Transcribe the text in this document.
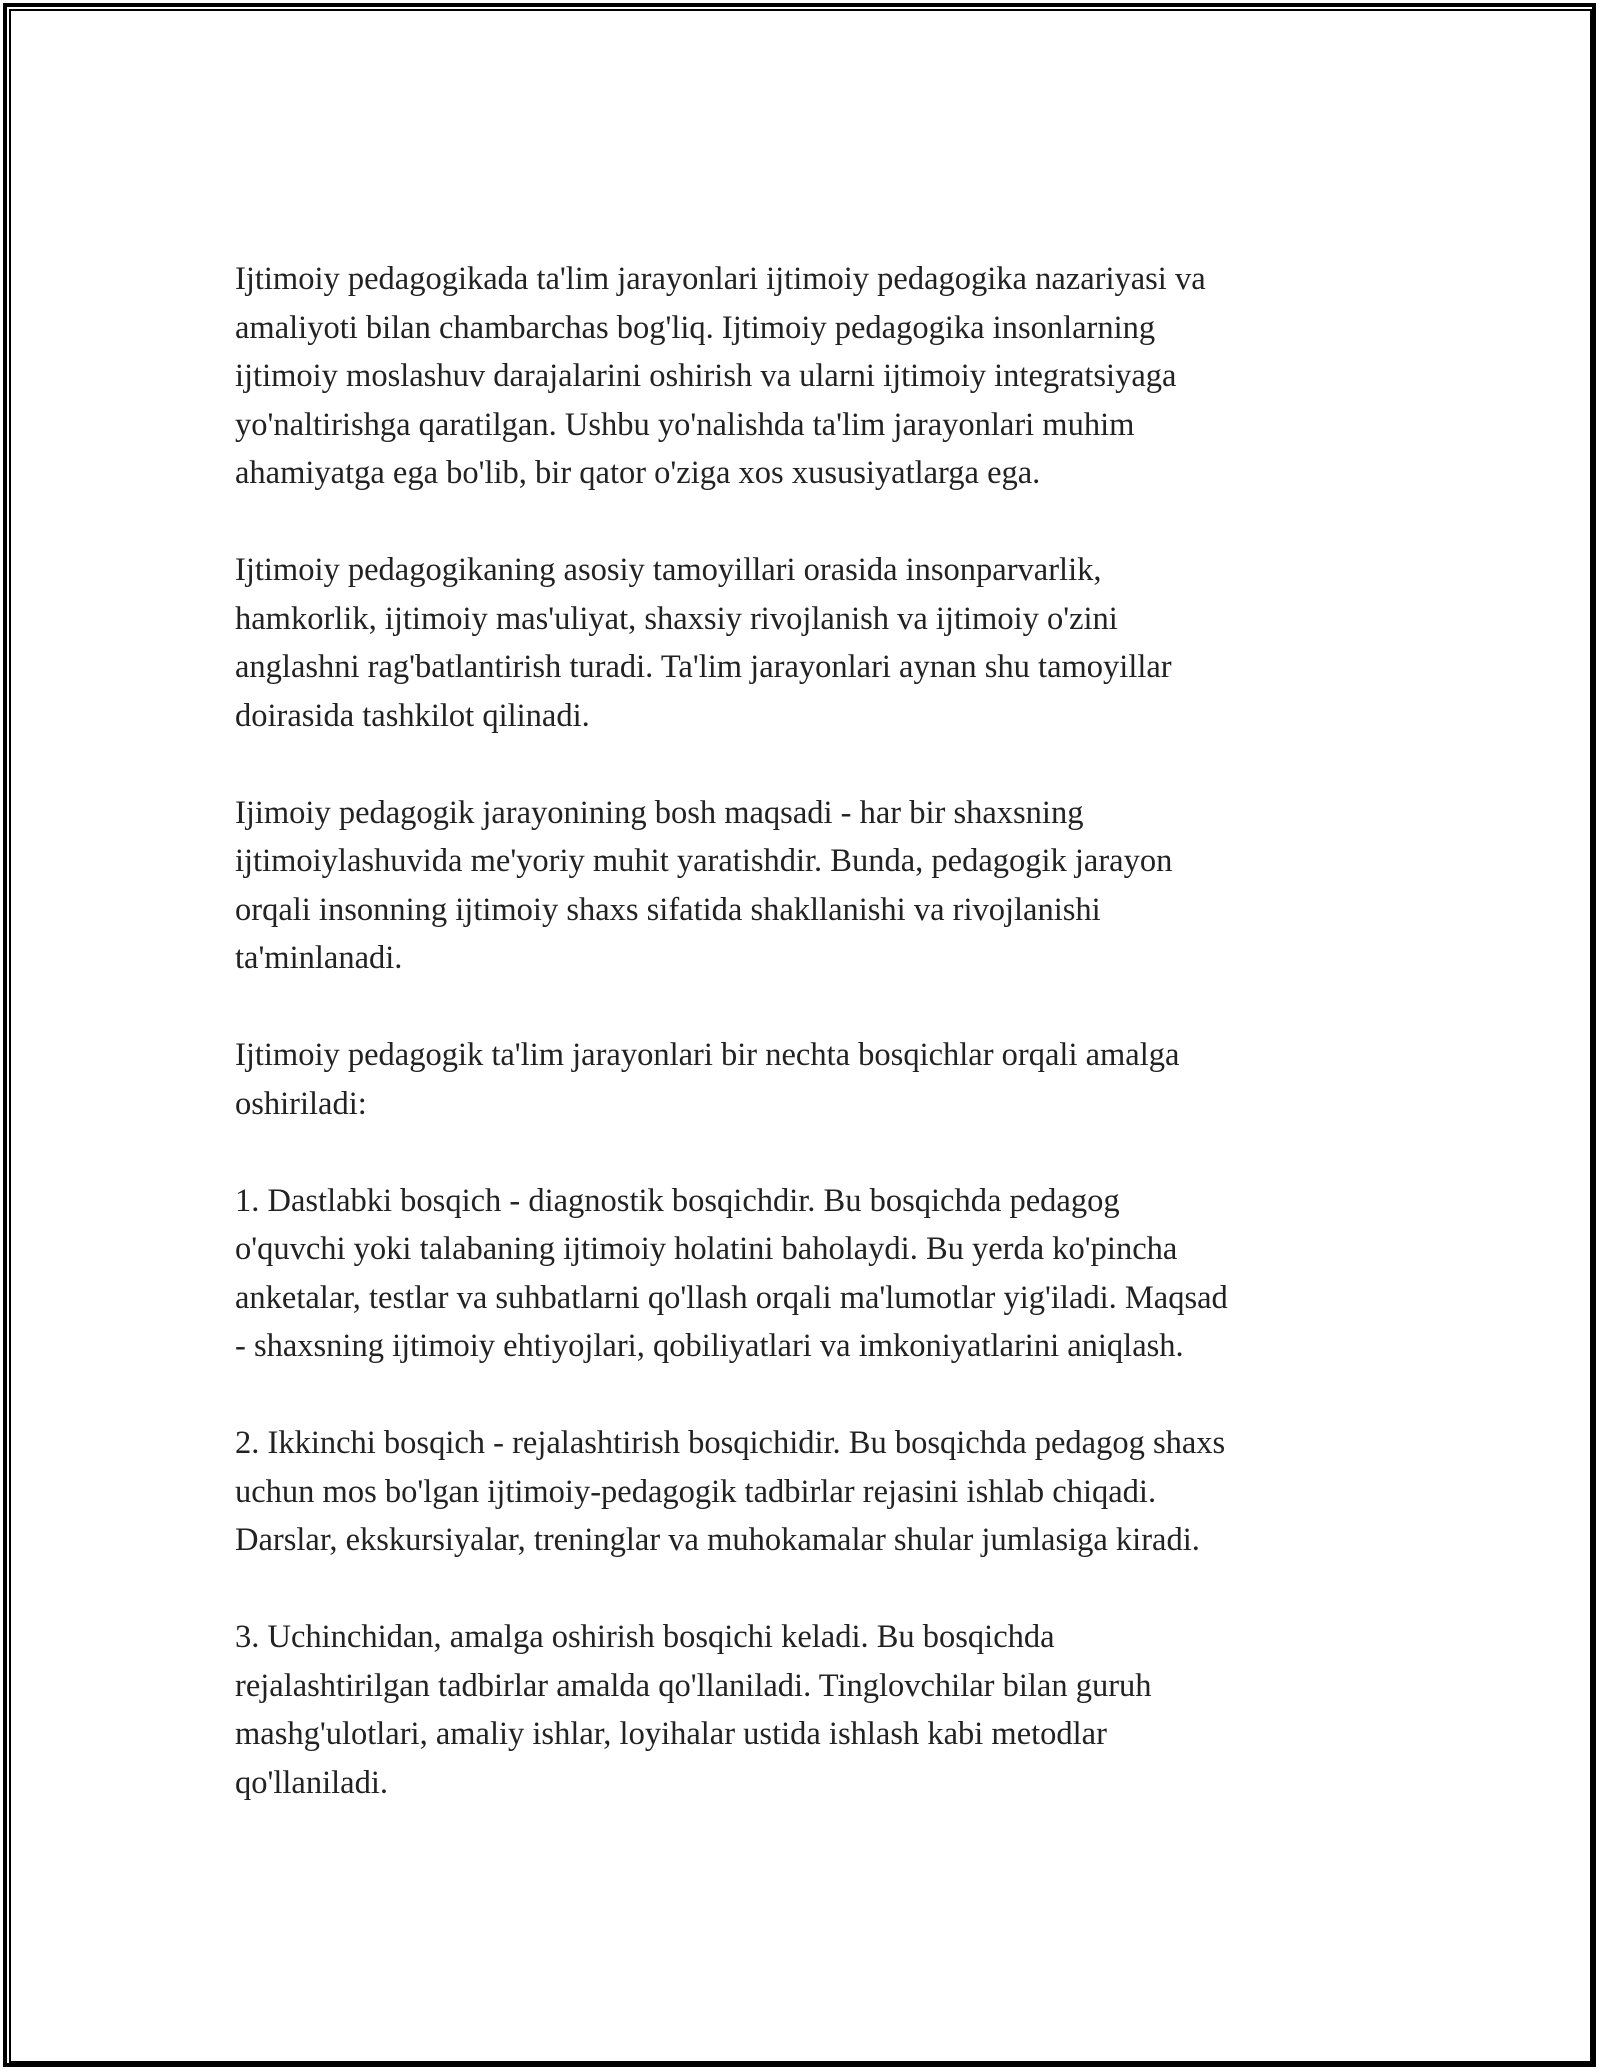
Ijtimoiy pedagogikada ta'lim jarayonlari ijtimoiy pedagogika nazariyasi va
amaliyoti bilan chambarchas bog'liq. Ijtimoiy pedagogika insonlarning
ijtimoiy moslashuv darajalarini oshirish va ularni ijtimoiy integratsiyaga
yo'naltirishga qaratilgan. Ushbu yo'nalishda ta'lim jarayonlari muhim
ahamiyatga ega bo'lib, bir qator o'ziga xos xususiyatlarga ega.

Ijtimoiy pedagogikaning asosiy tamoyillari orasida insonparvarlik,
hamkorlik, ijtimoiy mas'uliyat, shaxsiy rivojlanish va ijtimoiy o'zini
anglashni rag'batlantirish turadi. Ta'lim jarayonlari aynan shu tamoyillar
doirasida tashkilot qilinadi.

Ijimoiy pedagogik jarayonining bosh maqsadi - har bir shaxsning
ijtimoiylashuvida me'yoriy muhit yaratishdir. Bunda, pedagogik jarayon
orqali insonning ijtimoiy shaxs sifatida shakllanishi va rivojlanishi
ta'minlanadi.

Ijtimoiy pedagogik ta'lim jarayonlari bir nechta bosqichlar orqali amalga
oshiriladi:

1. Dastlabki bosqich - diagnostik bosqichdir. Bu bosqichda pedagog
o'quvchi yoki talabaning ijtimoiy holatini baholaydi. Bu yerda ko'pincha
anketalar, testlar va suhbatlarni qo'llash orqali ma'lumotlar yig'iladi. Maqsad
- shaxsning ijtimoiy ehtiyojlari, qobiliyatlari va imkoniyatlarini aniqlash.

2. Ikkinchi bosqich - rejalashtirish bosqichidir. Bu bosqichda pedagog shaxs
uchun mos bo'lgan ijtimoiy-pedagogik tadbirlar rejasini ishlab chiqadi.
Darslar, ekskursiyalar, treninglar va muhokamalar shular jumlasiga kiradi.

3. Uchinchidan, amalga oshirish bosqichi keladi. Bu bosqichda
rejalashtirilgan tadbirlar amalda qo'llaniladi. Tinglovchilar bilan guruh
mashg'ulotlari, amaliy ishlar, loyihalar ustida ishlash kabi metodlar
qo'llaniladi.
